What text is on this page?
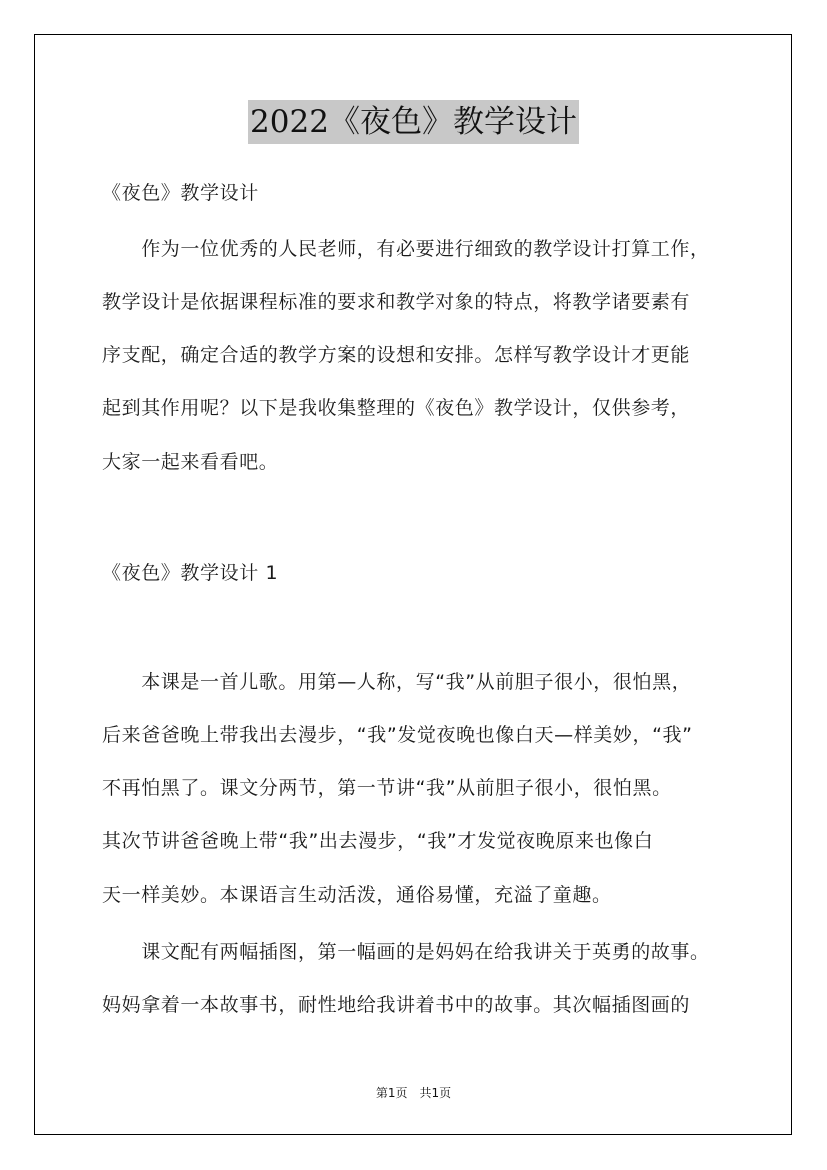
2022《夜色》教学设计
《夜色》教学设计
　　作为一位优秀的人民老师，有必要进行细致的教学设计打算工作，
教学设计是依据课程标准的要求和教学对象的特点，将教学诸要素有
序支配，确定合适的教学方案的设想和安排。怎样写教学设计才更能
起到其作用呢？以下是我收集整理的《夜色》教学设计，仅供参考，
大家一起来看看吧。
《夜色》教学设计 1
　　本课是一首儿歌。用第—人称，写“我”从前胆子很小，很怕黑，
后来爸爸晚上带我出去漫步，“我”发觉夜晚也像白天—样美妙，“我”
不再怕黑了。课文分两节，第一节讲“我”从前胆子很小，很怕黑。
其次节讲爸爸晚上带“我”出去漫步，“我”才发觉夜晚原来也像白
天一样美妙。本课语言生动活泼，通俗易懂，充溢了童趣。
　　课文配有两幅插图，第一幅画的是妈妈在给我讲关于英勇的故事。
妈妈拿着一本故事书，耐性地给我讲着书中的故事。其次幅插图画的
第1页　共1页
